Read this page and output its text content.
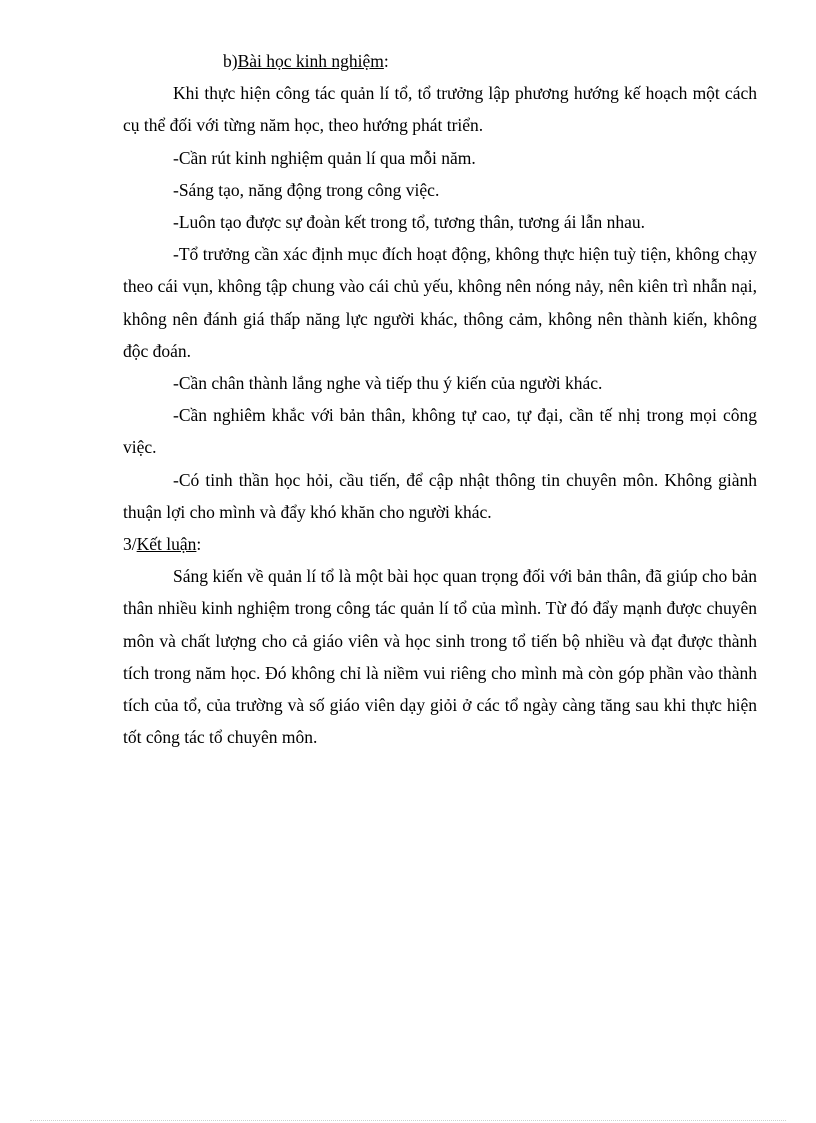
b)Bài học kinh nghiệm:

Khi thực hiện công tác quản lí tổ, tổ trưởng lập phương hướng kế hoạch một cách cụ thể đối với từng năm học, theo hướng phát triển.

-Cần rút kinh nghiệm quản lí qua mỗi năm.

-Sáng tạo, năng động trong công việc.

-Luôn tạo được sự đoàn kết trong tổ, tương thân, tương ái lẫn nhau.

-Tổ trưởng cần xác định mục đích hoạt động, không thực hiện tuỳ tiện, không chạy theo cái vụn, không tập chung vào cái chủ yếu, không nên nóng nảy, nên kiên trì nhẫn nại, không nên đánh giá thấp năng lực người khác, thông cảm, không nên thành kiến, không độc đoán.

-Cần chân thành lắng nghe và tiếp thu ý kiến của người khác.

-Cần nghiêm khắc với bản thân, không tự cao, tự đại, cần tế nhị trong mọi công việc.

-Có tinh thần học hỏi, cầu tiến, để cập nhật thông tin chuyên môn. Không giành thuận lợi cho mình và đẩy khó khăn cho người khác.

3/Kết luận:

Sáng kiến về quản lí tổ là một bài học quan trọng đối với bản thân, đã giúp cho bản thân nhiều kinh nghiệm trong công tác quản lí tổ của mình. Từ đó đẩy mạnh được chuyên môn và chất lượng cho cả giáo viên và học sinh trong tổ tiến bộ nhiều và đạt được thành tích trong năm học. Đó không chỉ là niềm vui riêng cho mình mà còn góp phần vào thành tích của tổ, của trường và số giáo viên dạy giỏi ở các tổ ngày càng tăng sau khi thực hiện tốt công tác tổ chuyên môn.
